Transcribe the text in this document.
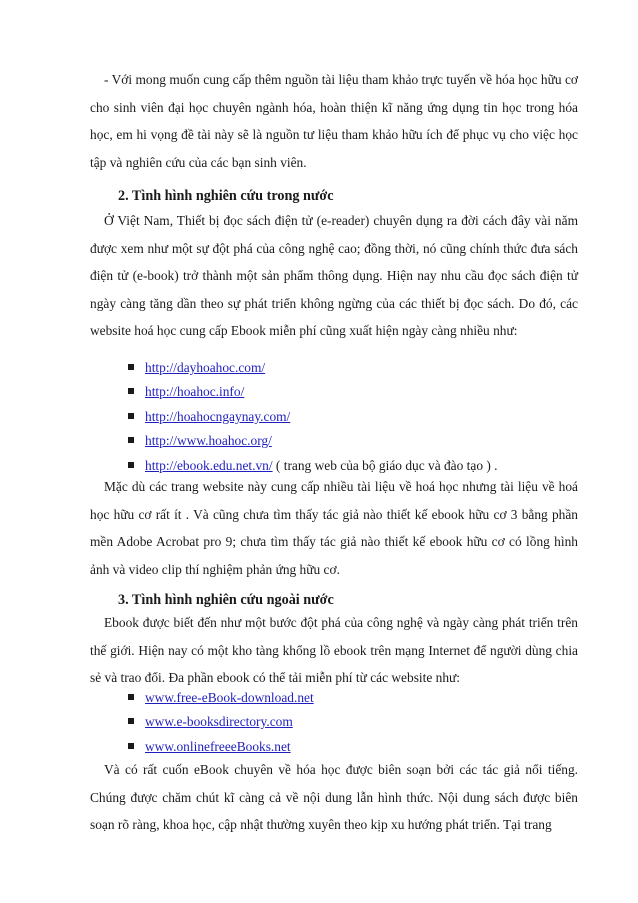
- Với mong muốn cung cấp thêm nguồn tài liệu tham khảo trực tuyến về hóa học hữu cơ cho sinh viên đại học chuyên ngành hóa, hoàn thiện kĩ năng ứng dụng tin học trong hóa học, em hi vọng đề tài này sẽ là nguồn tư liệu tham khảo hữu ích để phục vụ cho việc học tập và nghiên cứu của các bạn sinh viên.

2. Tình hình nghiên cứu trong nước

Ở Việt Nam, Thiết bị đọc sách điện tử (e-reader) chuyên dụng ra đời cách đây vài năm được xem như một sự đột phá của công nghệ cao; đồng thời, nó cũng chính thức đưa sách điện tử (e-book) trở thành một sản phẩm thông dụng. Hiện nay nhu cầu đọc sách điện tử ngày càng tăng dần theo sự phát triển không ngừng của các thiết bị đọc sách. Do đó, các website hoá học cung cấp Ebook miễn phí cũng xuất hiện ngày càng nhiều như:

http://dayhoahoc.com/
http://hoahoc.info/
http://hoahocngaynay.com/
http://www.hoahoc.org/
http://ebook.edu.net.vn/ ( trang web của bộ giáo dục và đào tạo ) .

Mặc dù các trang website này cung cấp nhiều tài liệu về hoá học nhưng tài liệu về hoá học hữu cơ rất ít . Và cũng chưa tìm thấy tác giả nào thiết kế ebook hữu cơ 3 bằng phần mền Adobe Acrobat pro 9; chưa tìm thấy tác giả nào thiết kế ebook hữu cơ có lồng hình ảnh và video clip thí nghiệm phản ứng hữu cơ.

3. Tình hình nghiên cứu ngoài nước

Ebook được biết đến như một bước đột phá của công nghệ và ngày càng phát triển trên thế giới. Hiện nay có một kho tàng khổng lồ ebook trên mạng Internet để người dùng chia sẻ và trao đổi. Đa phần ebook có thể tải miễn phí từ các website như:

www.free-eBook-download.net
www.e-booksdirectory.com
www.onlinefreeeBooks.net

Và có rất cuốn eBook chuyên về hóa học được biên soạn bởi các tác giả nổi tiếng. Chúng được chăm chút kĩ càng cả về nội dung lẫn hình thức. Nội dung sách được biên soạn rõ ràng, khoa học, cập nhật thường xuyên theo kịp xu hướng phát triển. Tại trang
